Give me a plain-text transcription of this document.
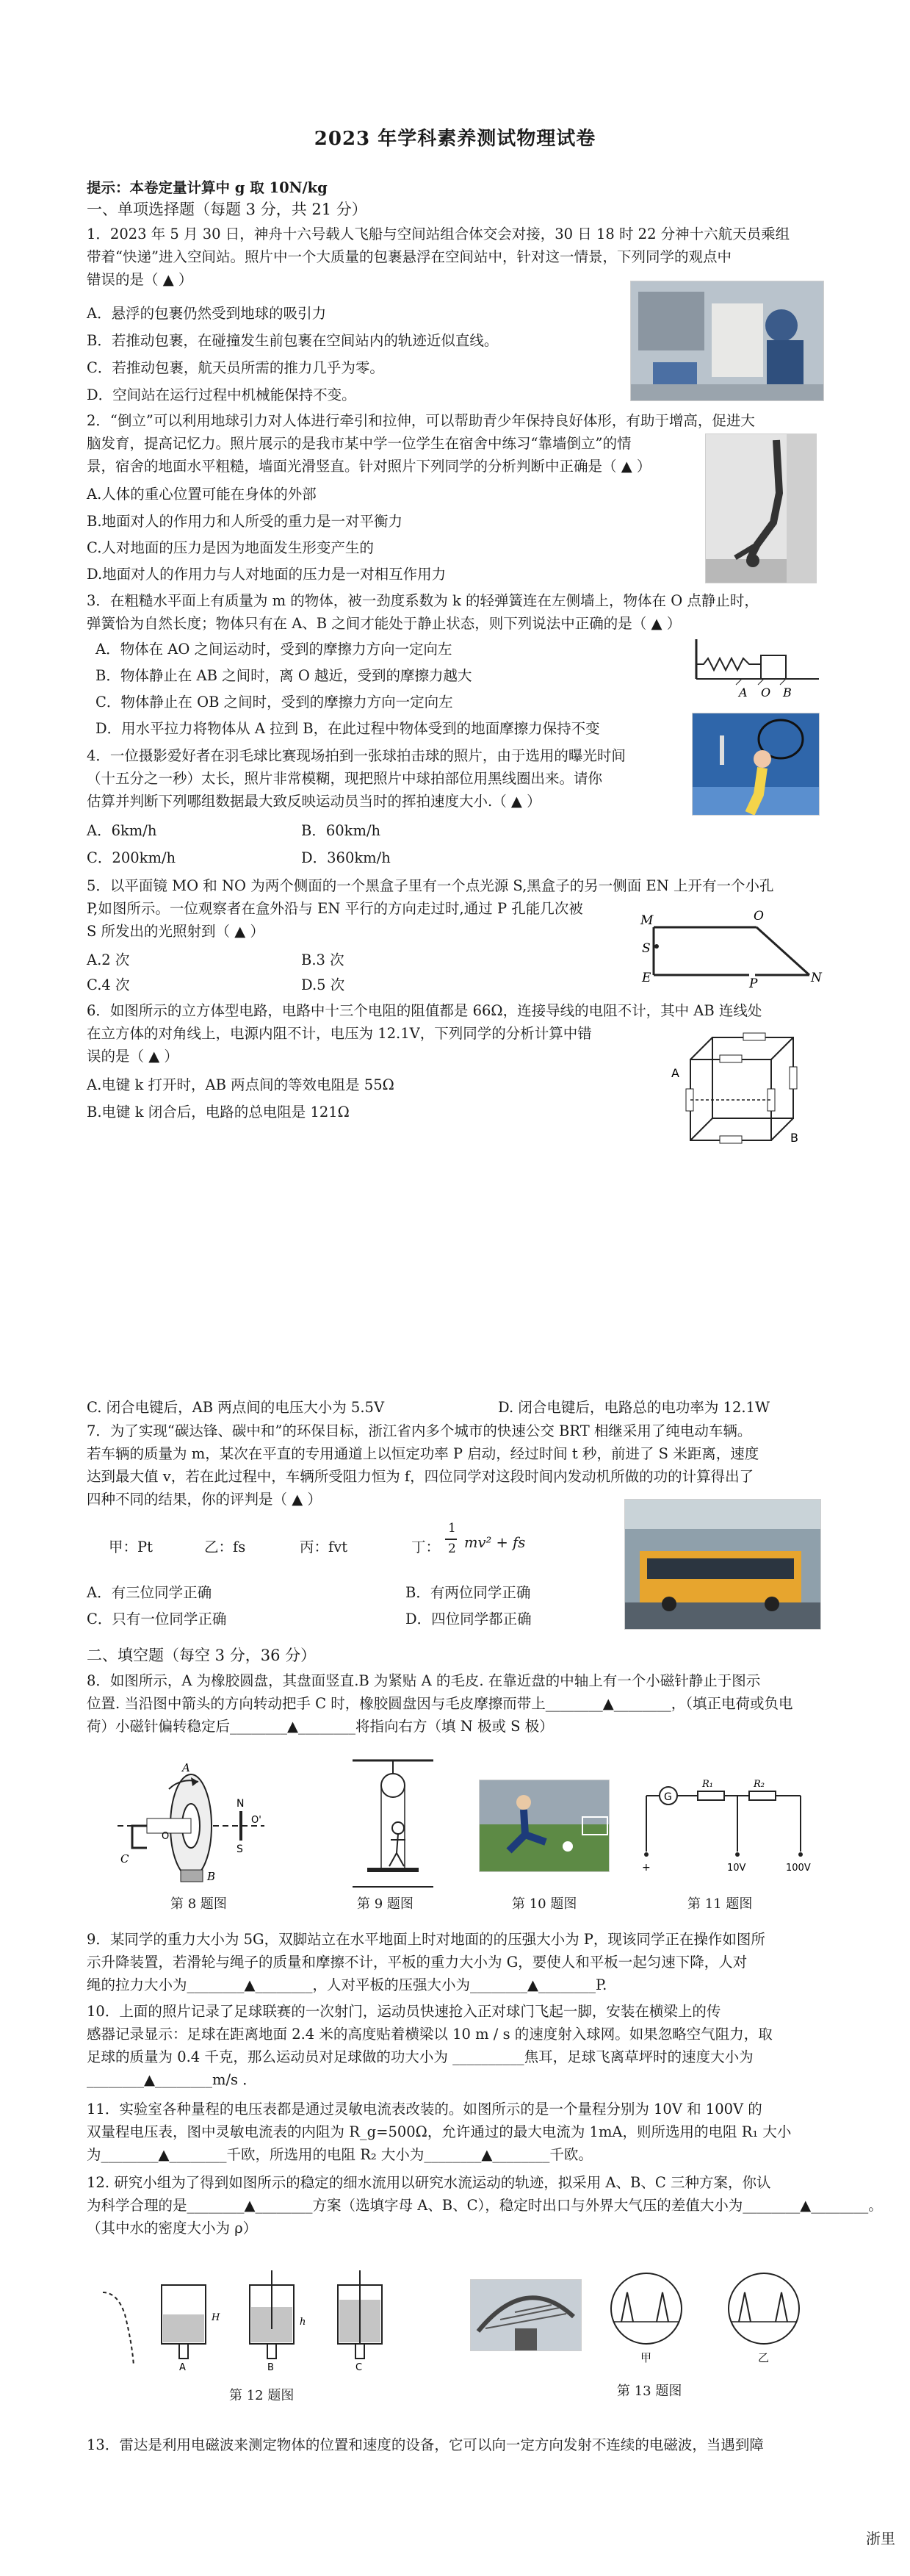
2023 年学科素养测试物理试卷
提示：本卷定量计算中 g 取 10N/kg
一、单项选择题（每题 3 分，共 21 分）
1．2023 年 5 月 30 日，神舟十六号载人飞船与空间站组合体交会对接，30 日 18 时 22 分神十六航天员乘组
带着“快递”进入空间站。照片中一个大质量的包裹悬浮在空间站中，针对这一情景，下列同学的观点中
错误的是（ ▲ ）
A．悬浮的包裹仍然受到地球的吸引力
B．若推动包裹，在碰撞发生前包裹在空间站内的轨迹近似直线。
C．若推动包裹，航天员所需的推力几乎为零。
D．空间站在运行过程中机械能保持不变。
2．“倒立”可以利用地球引力对人体进行牵引和拉伸，可以帮助青少年保持良好体形，有助于增高，促进大
脑发育，提高记忆力。照片展示的是我市某中学一位学生在宿舍中练习“靠墙倒立”的情
景，宿舍的地面水平粗糙，墙面光滑竖直。针对照片下列同学的分析判断中正确是（ ▲ ）
A.人体的重心位置可能在身体的外部
B.地面对人的作用力和人所受的重力是一对平衡力
C.人对地面的压力是因为地面发生形变产生的
D.地面对人的作用力与人对地面的压力是一对相互作用力
3．在粗糙水平面上有质量为 m 的物体，被一劲度系数为 k 的轻弹簧连在左侧墙上，物体在 O 点静止时，
弹簧恰为自然长度；物体只有在 A、B 之间才能处于静止状态，则下列说法中正确的是（ ▲ ）
A．物体在 AO 之间运动时，受到的摩擦力方向一定向左
B．物体静止在 AB 之间时，离 O 越近，受到的摩擦力越大
C．物体静止在 OB 之间时，受到的摩擦力方向一定向左
D．用水平拉力将物体从 A 拉到 B，在此过程中物体受到的地面摩擦力保持不变
A O B
4．一位摄影爱好者在羽毛球比赛现场拍到一张球拍击球的照片，由于选用的曝光时间
（十五分之一秒）太长，照片非常模糊，现把照片中球拍部位用黑线圈出来。请你
估算并判断下列哪组数据最大致反映运动员当时的挥拍速度大小.（ ▲ ）
A．6km/h	B．60km/h
C．200km/h	D．360km/h
5．以平面镜 MO 和 NO 为两个侧面的一个黑盒子里有一个点光源 S,黑盒子的另一侧面 EN 上开有一个小孔
P,如图所示。一位观察者在盒外沿与 EN 平行的方向走过时,通过 P 孔能几次被
S 所发出的光照射到（ ▲ ）
A.2 次	B.3 次
C.4 次	D.5 次
M	O
S
E	P	N
6．如图所示的立方体型电路，电路中十三个电阻的阻值都是 66Ω，连接导线的电阻不计，其中 AB 连线处
在立方体的对角线上，电源内阻不计，电压为 12.1V，下列同学的分析计算中错
误的是（ ▲ ）
A.电键 k 打开时，AB 两点间的等效电阻是 55Ω
B.电键 k 闭合后，电路的总电阻是 121Ω
A
B
C. 闭合电键后，AB 两点间的电压大小为 5.5V	D. 闭合电键后，电路总的电功率为 12.1W
7．为了实现“碳达锋、碳中和”的环保目标，浙江省内多个城市的快速公交 BRT 相继采用了纯电动车辆。
若车辆的质量为 m，某次在平直的专用通道上以恒定功率 P 启动，经过时间 t 秒，前进了 S 米距离，速度
达到最大值 v，若在此过程中，车辆所受阻力恒为 f，四位同学对这段时间内发动机所做的功的计算得出了
四种不同的结果，你的评判是（ ▲ ）
甲：Pt	乙：fs	丙：fvt	丁：
1
2 mv² + fs
A．有三位同学正确	B．有两位同学正确
C．只有一位同学正确	D．四位同学都正确
二、填空题（每空 3 分，36 分）
8．如图所示，A 为橡胶圆盘，其盘面竖直.B 为紧贴 A 的毛皮. 在靠近盘的中轴上有一个小磁针静止于图示
位置. 当沿图中箭头的方向转动把手 C 时，橡胶圆盘因与毛皮摩擦而带上________▲________，（填正电荷或负电
荷）小磁针偏转稳定后________▲________将指向右方（填 N 极或 S 极）
A
B
C
N
S
O
O'
第 8 题图	第 9 题图	第 10 题图
G
R₁	R₂
+	10V	100V
第 11 题图
9．某同学的重力大小为 5G，双脚站立在水平地面上时对地面的的压强大小为 P，现该同学正在操作如图所
示升降装置，若滑轮与绳子的质量和摩擦不计，平板的重力大小为 G，要使人和平板一起匀速下降，人对
绳的拉力大小为________▲________，人对平板的压强大小为________▲________P.
10．上面的照片记录了足球联赛的一次射门，运动员快速抢入正对球门飞起一脚，安装在横梁上的传
感器记录显示：足球在距离地面 2.4 米的高度贴着横梁以 10 m / s 的速度射入球网。如果忽略空气阻力，取
足球的质量为 0.4 千克，那么运动员对足球做的功大小为 __________焦耳，足球飞离草坪时的速度大小为
________▲________m/s ．
11．实验室各种量程的电压表都是通过灵敏电流表改装的。如图所示的是一个量程分别为 10V 和 100V 的
双量程电压表，图中灵敏电流表的内阻为 R_g=500Ω，允许通过的最大电流为 1mA，则所选用的电阻 R₁ 大小
为________▲________千欧，所选用的电阻 R₂ 大小为________▲________千欧。
12. 研究小组为了得到如图所示的稳定的细水流用以研究水流运动的轨迹，拟采用 A、B、C 三种方案，你认
为科学合理的是________▲________方案（选填字母 A、B、C），稳定时出口与外界大气压的差值大小为________▲________。
（其中水的密度大小为 ρ）
A
H
B
h
C
第 12 题图
甲	乙
第 13 题图
13．雷达是利用电磁波来测定物体的位置和速度的设备，它可以向一定方向发射不连续的电磁波，当遇到障
浙里
